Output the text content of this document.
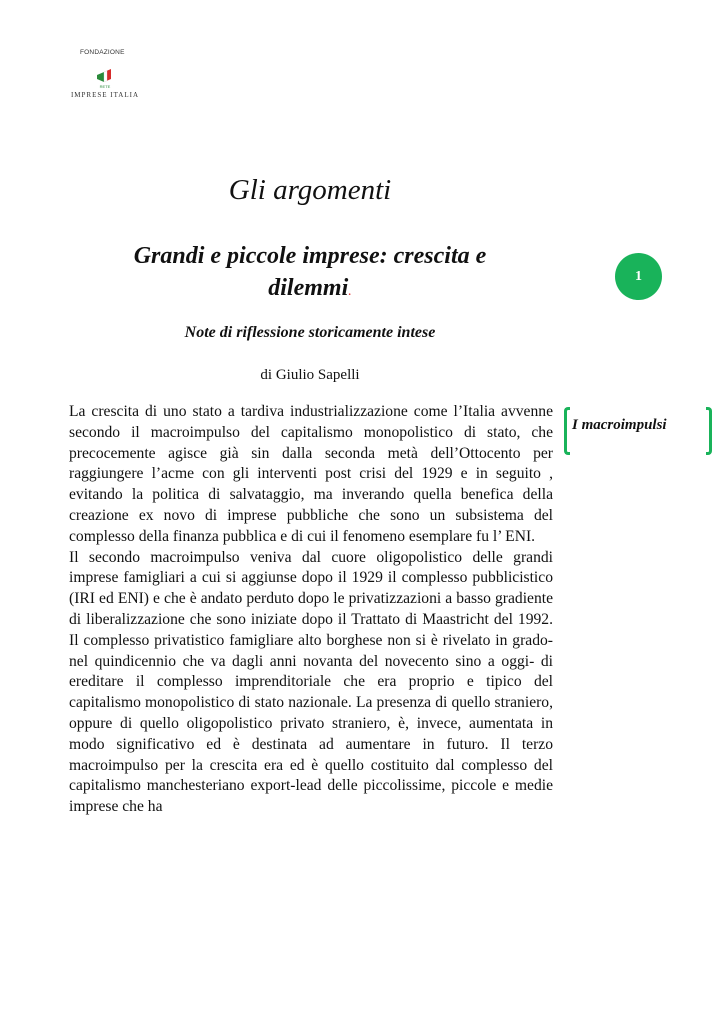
FONDAZIONE
RETE
IMPRESE ITALIA
Gli argomenti
Grandi e piccole imprese: crescita e dilemmi.
1
Note di riflessione storicamente intese
di Giulio Sapelli

La crescita di uno stato a tardiva industrializzazione come l’Italia avvenne secondo il macroimpulso del capitalismo monopolistico di stato, che precocemente agisce già sin dalla seconda metà dell’Ottocento per raggiungere l’acme con gli interventi post crisi del 1929 e in seguito , evitando la politica di salvataggio, ma inverando quella benefica della creazione ex novo di imprese pubbliche che sono un subsistema del complesso della finanza pubblica e di cui il fenomeno esemplare fu l’ ENI.

Il secondo macroimpulso veniva dal cuore oligopolistico delle grandi imprese famigliari a cui si aggiunse dopo il 1929 il complesso pubblicistico (IRI ed ENI) e che è andato perduto dopo le privatizzazioni a basso gradiente di liberalizzazione che sono iniziate dopo il Trattato di Maastricht del 1992. Il complesso privatistico famigliare alto borghese non si è rivelato in grado- nel quindicennio che va dagli anni novanta del novecento sino a oggi- di ereditare il complesso imprenditoriale che era proprio e tipico del capitalismo monopolistico di stato nazionale. La presenza di quello straniero, oppure di quello oligopolistico privato straniero, è, invece, aumentata in modo significativo ed è destinata ad aumentare in futuro. Il terzo macroimpulso per la crescita era ed è quello costituito dal complesso del capitalismo manchesteriano export-lead delle piccolissime, piccole e medie imprese che ha

I macroimpulsi
